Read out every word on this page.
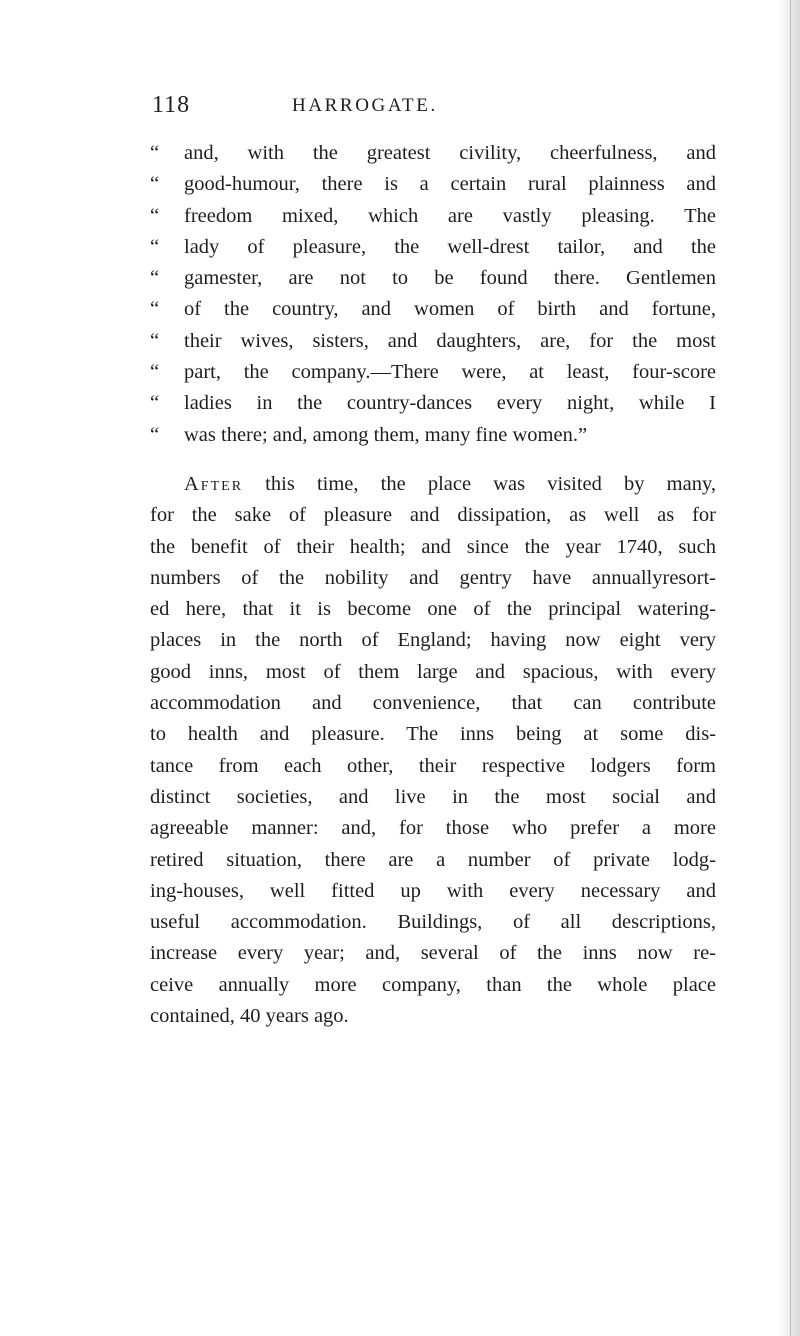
118	HARROGATE.
“	and, with the greatest civility, cheerfulness, and
“	good-humour, there is a certain rural plainness and
“	freedom mixed, which are vastly pleasing. The
“	lady of pleasure, the well-drest tailor, and the
“	gamester, are not to be found there. Gentlemen
“	of the country, and women of birth and fortune,
“	their wives, sisters, and daughters, are, for the most
“	part, the company.—There were, at least, four-score
“	ladies in the country-dances every night, while I
“	was there; and, among them, many fine women.”
After this time, the place was visited by many,
for the sake of pleasure and dissipation, as well as for
the benefit of their health; and since the year 1740, such
numbers of the nobility and gentry have annuallyresort-
ed here, that it is become one of the principal watering-
places in the north of England; having now eight very
good inns, most of them large and spacious, with every
accommodation and convenience, that can contribute
to health and pleasure. The inns being at some dis-
tance from each other, their respective lodgers form
distinct societies, and live in the most social and
agreeable manner: and, for those who prefer a more
retired situation, there are a number of private lodg-
ing-houses, well fitted up with every necessary and
useful accommodation. Buildings, of all descriptions,
increase every year; and, several of the inns now re-
ceive annually more company, than the whole place
contained, 40 years ago.
